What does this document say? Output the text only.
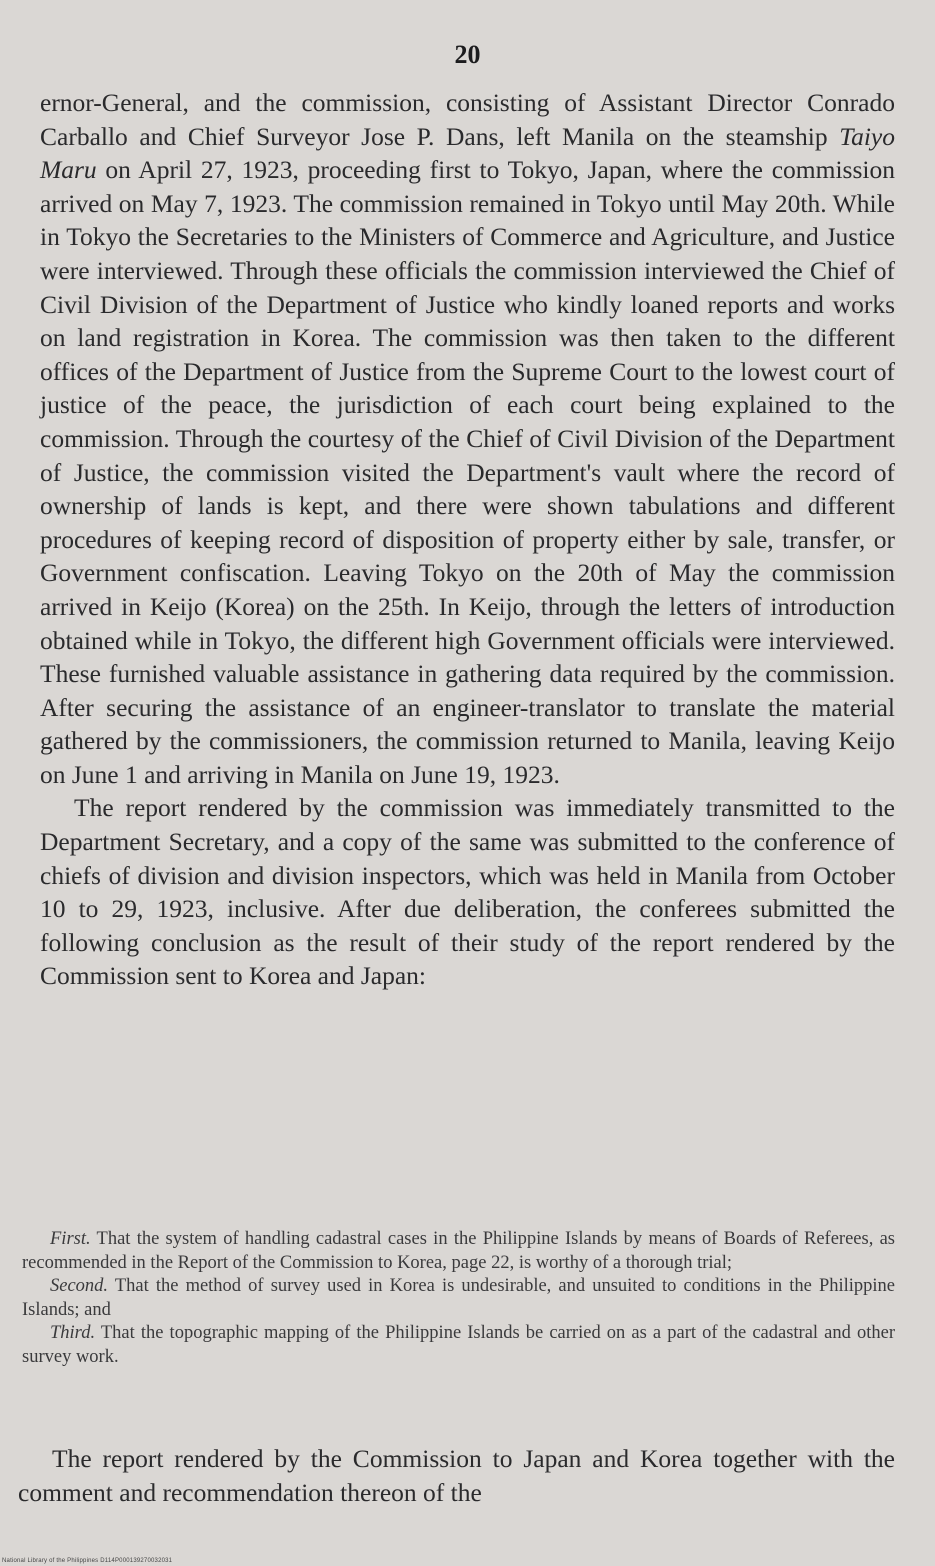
20

ernor-General, and the commission, consisting of Assistant Director Conrado Carballo and Chief Surveyor Jose P. Dans, left Manila on the steamship Taiyo Maru on April 27, 1923, proceeding first to Tokyo, Japan, where the commission arrived on May 7, 1923. The commission remained in Tokyo until May 20th. While in Tokyo the Secretaries to the Ministers of Commerce and Agriculture, and Justice were interviewed. Through these officials the commission interviewed the Chief of Civil Division of the Department of Justice who kindly loaned reports and works on land registration in Korea. The commission was then taken to the different offices of the Department of Justice from the Supreme Court to the lowest court of justice of the peace, the jurisdiction of each court being explained to the commission. Through the courtesy of the Chief of Civil Division of the Department of Justice, the commission visited the Department's vault where the record of ownership of lands is kept, and there were shown tabulations and different procedures of keeping record of disposition of property either by sale, transfer, or Government confiscation. Leaving Tokyo on the 20th of May the commission arrived in Keijo (Korea) on the 25th. In Keijo, through the letters of introduction obtained while in Tokyo, the different high Government officials were interviewed. These furnished valuable assistance in gathering data required by the commission. After securing the assistance of an engineer-translator to translate the material gathered by the commissioners, the commission returned to Manila, leaving Keijo on June 1 and arriving in Manila on June 19, 1923.

The report rendered by the commission was immediately transmitted to the Department Secretary, and a copy of the same was submitted to the conference of chiefs of division and division inspectors, which was held in Manila from October 10 to 29, 1923, inclusive. After due deliberation, the conferees submitted the following conclusion as the result of their study of the report rendered by the Commission sent to Korea and Japan:

First. That the system of handling cadastral cases in the Philippine Islands by means of Boards of Referees, as recommended in the Report of the Commission to Korea, page 22, is worthy of a thorough trial;

Second. That the method of survey used in Korea is undesirable, and unsuited to conditions in the Philippine Islands; and

Third. That the topographic mapping of the Philippine Islands be carried on as a part of the cadastral and other survey work.

The report rendered by the Commission to Japan and Korea together with the comment and recommendation thereon of the

National Library of the Philippines D114P000139270032031
